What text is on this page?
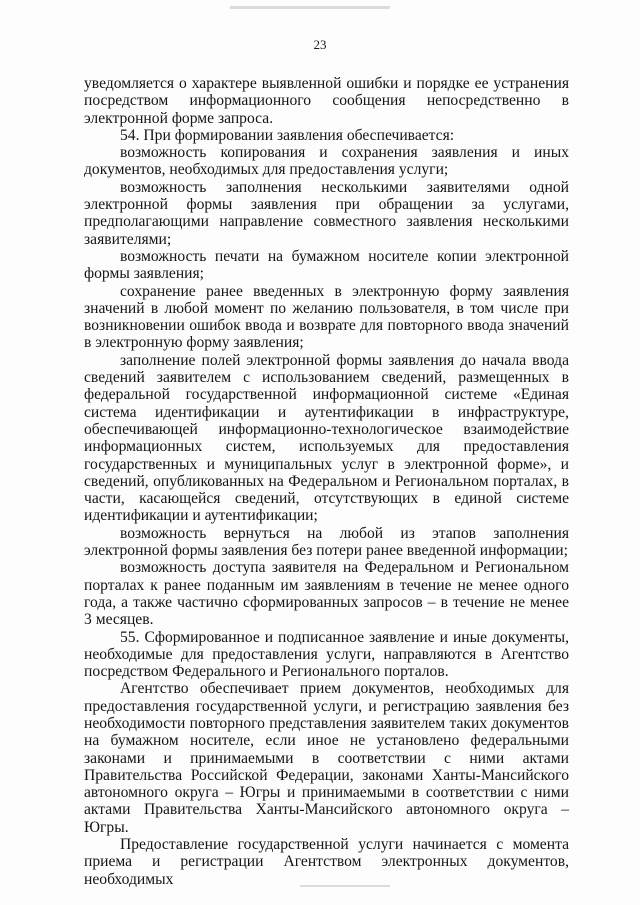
23

уведомляется о характере выявленной ошибки и порядке ее устранения посредством информационного сообщения непосредственно в электронной форме запроса.

54. При формировании заявления обеспечивается:

возможность копирования и сохранения заявления и иных документов, необходимых для предоставления услуги;

возможность заполнения несколькими заявителями одной электронной формы заявления при обращении за услугами, предполагающими направление совместного заявления несколькими заявителями;

возможность печати на бумажном носителе копии электронной формы заявления;

сохранение ранее введенных в электронную форму заявления значений в любой момент по желанию пользователя, в том числе при возникновении ошибок ввода и возврате для повторного ввода значений в электронную форму заявления;

заполнение полей электронной формы заявления до начала ввода сведений заявителем с использованием сведений, размещенных в федеральной государственной информационной системе «Единая система идентификации и аутентификации в инфраструктуре, обеспечивающей информационно-технологическое взаимодействие информационных систем, используемых для предоставления государственных и муниципальных услуг в электронной форме», и сведений, опубликованных на Федеральном и Региональном порталах, в части, касающейся сведений, отсутствующих в единой системе идентификации и аутентификации;

возможность вернуться на любой из этапов заполнения электронной формы заявления без потери ранее введенной информации;

возможность доступа заявителя на Федеральном и Региональном порталах к ранее поданным им заявлениям в течение не менее одного года, а также частично сформированных запросов – в течение не менее 3 месяцев.

55. Сформированное и подписанное заявление и иные документы, необходимые для предоставления услуги, направляются в Агентство посредством Федерального и Регионального порталов.

Агентство обеспечивает прием документов, необходимых для предоставления государственной услуги, и регистрацию заявления без необходимости повторного представления заявителем таких документов на бумажном носителе, если иное не установлено федеральными законами и принимаемыми в соответствии с ними актами Правительства Российской Федерации, законами Ханты-Мансийского автономного округа – Югры и принимаемыми в соответствии с ними актами Правительства Ханты-Мансийского автономного округа – Югры.

Предоставление государственной услуги начинается с момента приема и регистрации Агентством электронных документов, необходимых
